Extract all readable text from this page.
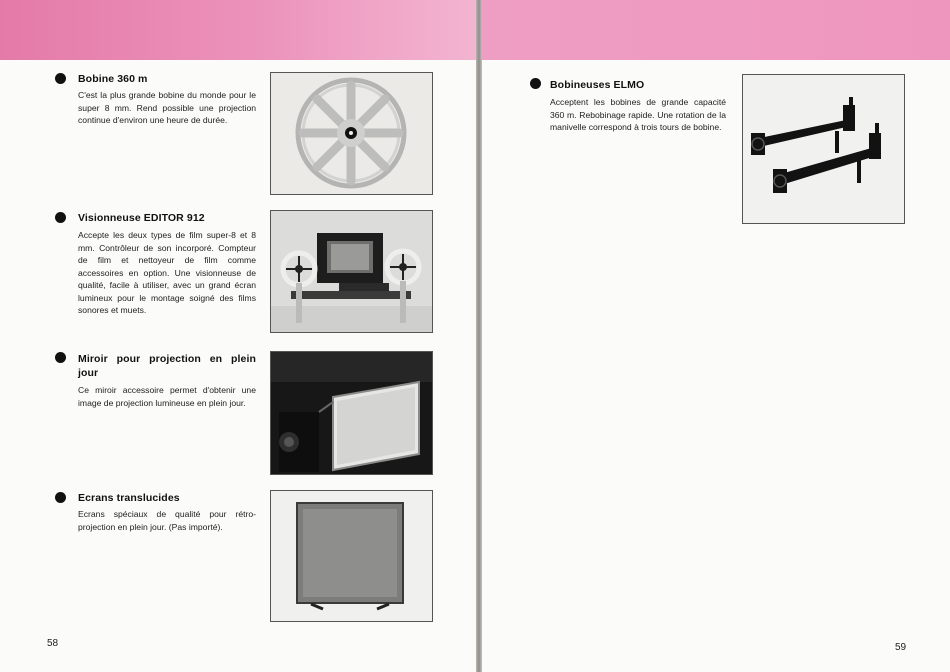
Bobine 360 m
C'est la plus grande bobine du monde pour le super 8 mm. Rend possible une projection continue d'environ une heure de durée.
Visionneuse EDITOR 912
Accepte les deux types de film super-8 et 8 mm. Contrôleur de son incorporé. Compteur de film et nettoyeur de film comme accessoires en option. Une visionneuse de qualité, facile à utiliser, avec un grand écran lumineux pour le montage soigné des films sonores et muets.
Miroir pour projection en plein jour
Ce miroir accessoire permet d'obtenir une image de projection lumineuse en plein jour.
Ecrans translucides
Ecrans spéciaux de qualité pour rétro-projection en plein jour. (Pas importé).
58
Bobineuses ELMO
Acceptent les bobines de grande capacité 360 m. Rebobinage rapide. Une rotation de la manivelle correspond à trois tours de bobine.
59
